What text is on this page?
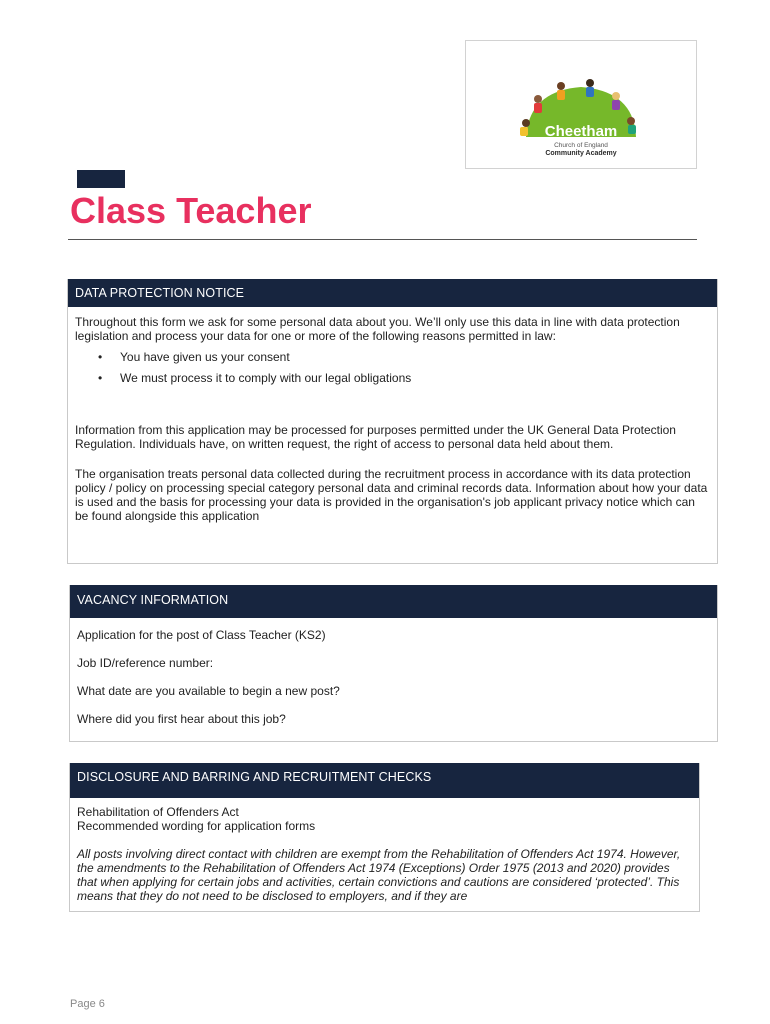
Church of England
Community Academy
Cheetham
Class Teacher
DATA PROTECTION NOTICE

Throughout this form we ask for some personal data about you. We’ll only use this data in line with data protection legislation and process your data for one or more of the following reasons permitted in law:

• You have given us your consent
• We must process it to comply with our legal obligations

Information from this application may be processed for purposes permitted under the UK General Data Protection Regulation. Individuals have, on written request, the right of access to personal data held about them.

The organisation treats personal data collected during the recruitment process in accordance with its data protection policy / policy on processing special category personal data and criminal records data. Information about how your data is used and the basis for processing your data is provided in the organisation's job applicant privacy notice which can be found alongside this application

VACANCY INFORMATION

Application for the post of Class Teacher (KS2)

Job ID/reference number:

What date are you available to begin a new post?

Where did you first hear about this job?

DISCLOSURE AND BARRING AND RECRUITMENT CHECKS

Rehabilitation of Offenders Act

Recommended wording for application forms

All posts involving direct contact with children are exempt from the Rehabilitation of Offenders Act 1974. However, the amendments to the Rehabilitation of Offenders Act 1974 (Exceptions) Order 1975 (2013 and 2020) provides that when applying for certain jobs and activities, certain convictions and cautions are considered ‘protected’. This means that they do not need to be disclosed to employers, and if they are

Page 6
